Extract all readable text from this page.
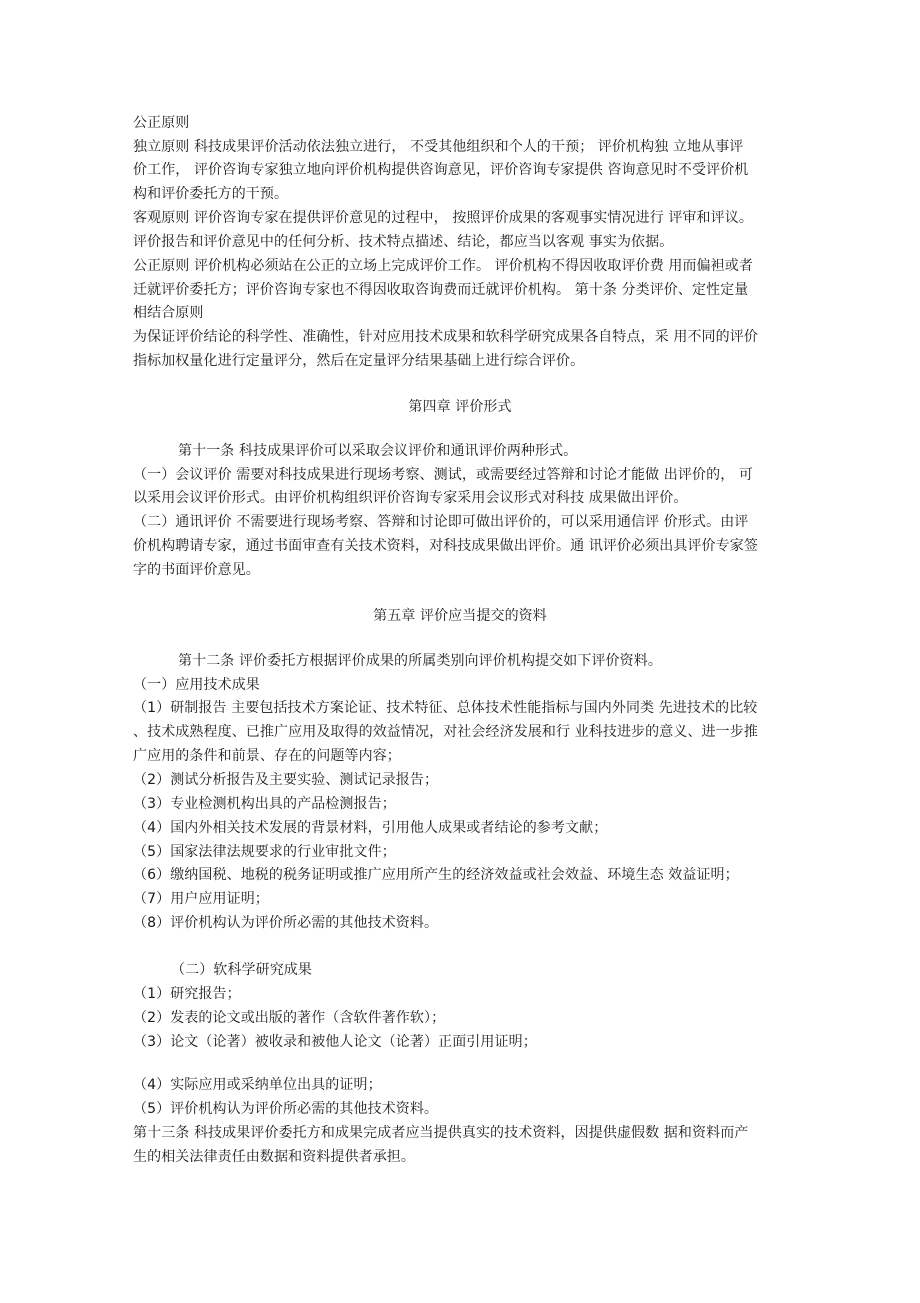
公正原则
独立原则 科技成果评价活动依法独立进行， 不受其他组织和个人的干预； 评价机构独 立地从事评
价工作， 评价咨询专家独立地向评价机构提供咨询意见，评价咨询专家提供 咨询意见时不受评价机
构和评价委托方的干预。
客观原则 评价咨询专家在提供评价意见的过程中， 按照评价成果的客观事实情况进行 评审和评议。
评价报告和评价意见中的任何分析、技术特点描述、结论，都应当以客观 事实为依据。
公正原则 评价机构必须站在公正的立场上完成评价工作。 评价机构不得因收取评价费 用而偏袒或者
迁就评价委托方；评价咨询专家也不得因收取咨询费而迁就评价机构。 第十条 分类评价、定性定量
相结合原则
为保证评价结论的科学性、准确性，针对应用技术成果和软科学研究成果各自特点，采 用不同的评价
指标加权量化进行定量评分，然后在定量评分结果基础上进行综合评价。
第四章 评价形式
第十一条 科技成果评价可以采取会议评价和通讯评价两种形式。
（一）会议评价 需要对科技成果进行现场考察、测试，或需要经过答辩和讨论才能做 出评价的， 可
以采用会议评价形式。由评价机构组织评价咨询专家采用会议形式对科技 成果做出评价。
（二）通讯评价 不需要进行现场考察、答辩和讨论即可做出评价的，可以采用通信评 价形式。由评
价机构聘请专家，通过书面审查有关技术资料，对科技成果做出评价。通 讯评价必须出具评价专家签
字的书面评价意见。
第五章 评价应当提交的资料
第十二条 评价委托方根据评价成果的所属类别向评价机构提交如下评价资料。
（一）应用技术成果
（1）研制报告 主要包括技术方案论证、技术特征、总体技术性能指标与国内外同类 先进技术的比较
、技术成熟程度、已推广应用及取得的效益情况，对社会经济发展和行 业科技进步的意义、进一步推
广应用的条件和前景、存在的问题等内容；
（2）测试分析报告及主要实验、测试记录报告；
（3）专业检测机构出具的产品检测报告；
（4）国内外相关技术发展的背景材料，引用他人成果或者结论的参考文献；
（5）国家法律法规要求的行业审批文件；
（6）缴纳国税、地税的税务证明或推广应用所产生的经济效益或社会效益、环境生态 效益证明；
（7）用户应用证明；
（8）评价机构认为评价所必需的其他技术资料。
（二）软科学研究成果
（1）研究报告；
（2）发表的论文或出版的著作（含软件著作软）；
（3）论文（论著）被收录和被他人论文（论著）正面引用证明；
（4）实际应用或采纳单位出具的证明；
（5）评价机构认为评价所必需的其他技术资料。
第十三条 科技成果评价委托方和成果完成者应当提供真实的技术资料，因提供虚假数 据和资料而产
生的相关法律责任由数据和资料提供者承担。
